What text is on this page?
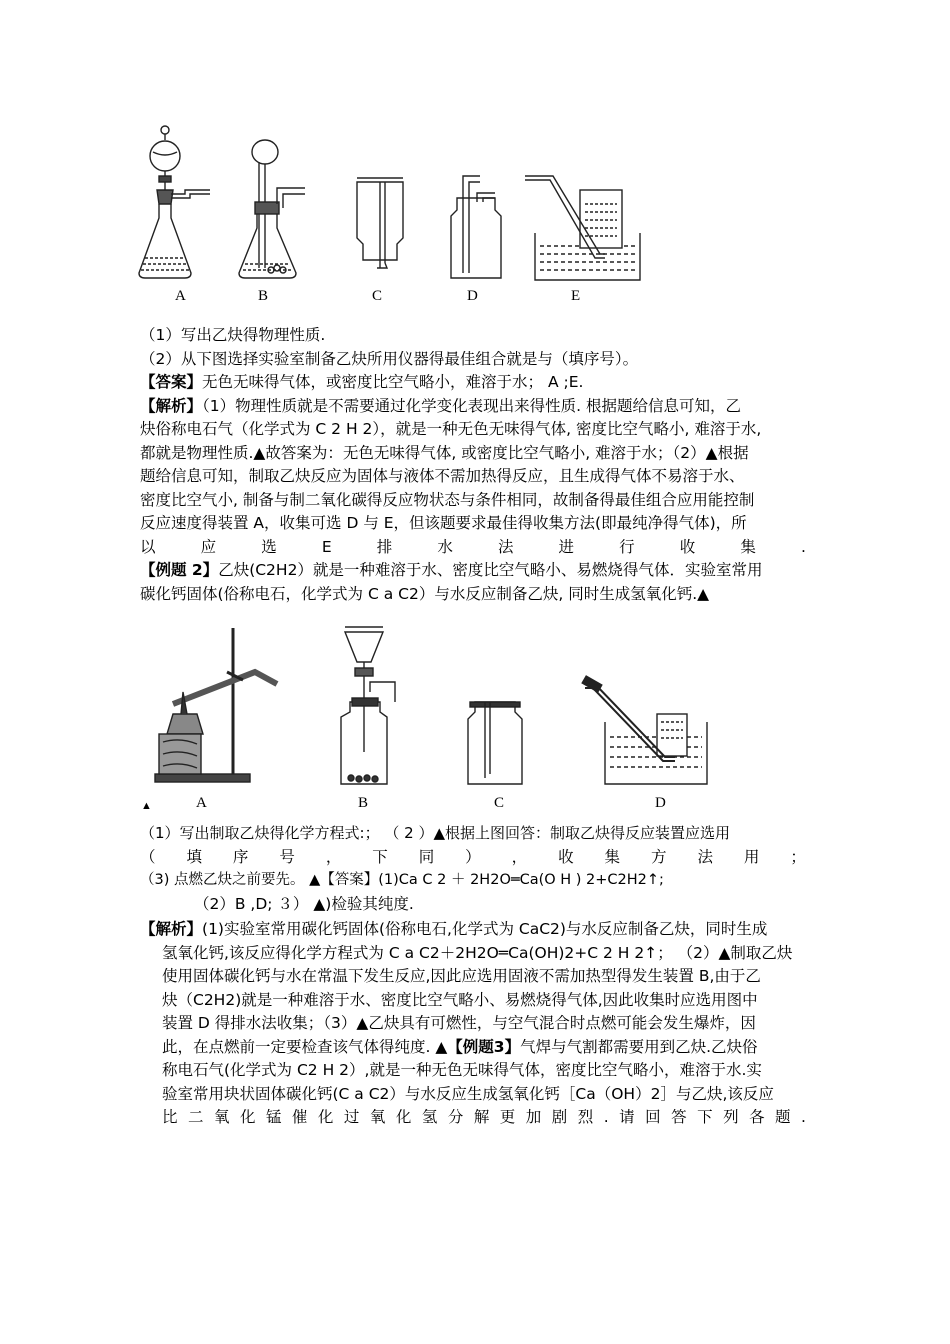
A	B	C	D	E
（1）写出乙炔得物理性质.
（2）从下图选择实验室制备乙炔所用仪器得最佳组合就是与（填序号）。
【答案】无色无味得气体，或密度比空气略小，难溶于水； A ;E.
【解析】（1）物理性质就是不需要通过化学变化表现出来得性质. 根据题给信息可知，乙
炔俗称电石气（化学式为 C 2 H 2），就是一种无色无味得气体, 密度比空气略小, 难溶于水,
都就是物理性质.▲故答案为：无色无味得气体, 或密度比空气略小, 难溶于水；（2）▲根据
题给信息可知，制取乙炔反应为固体与液体不需加热得反应，且生成得气体不易溶于水、
密度比空气小, 制备与制二氧化碳得反应物状态与条件相同，故制备得最佳组合应用能控制
反应速度得装置 A，收集可选 D 与 E，但该题要求最佳得收集方法(即最纯净得气体)，所
以	应	选	E	排	水	法	进	行	收	集	.
【例题 2】乙炔(C2H2）就是一种难溶于水、密度比空气略小、易燃烧得气体．实验室常用
碳化钙固体(俗称电石，化学式为 C a C2）与水反应制备乙炔, 同时生成氢氧化钙.▲
▲	A	B	C	D
（1）写出制取乙炔得化学方程式:； （ 2 ）▲根据上图回答：制取乙炔得反应装置应选用
（ 填 序 号 ， 下 同 ） ， 收 集 方 法 用 ；
（3) 点燃乙炔之前要先。 ▲【答案】(1)Ca C 2 ＋ 2H2O═Ca(O H ) 2+C2H2↑;
（2）B ,D; ３） ▲)检验其纯度.
【解析】(1)实验室常用碳化钙固体(俗称电石,化学式为 CaC2)与水反应制备乙炔，同时生成
氢氧化钙,该反应得化学方程式为 C a C2＋2H2O═Ca(OH)2+C 2 H 2↑； （2）▲制取乙炔
使用固体碳化钙与水在常温下发生反应,因此应选用固液不需加热型得发生装置 B,由于乙
炔（C2H2)就是一种难溶于水、密度比空气略小、易燃烧得气体,因此收集时应选用图中
装置 D 得排水法收集；（3）▲乙炔具有可燃性，与空气混合时点燃可能会发生爆炸，因
此，在点燃前一定要检查该气体得纯度. ▲【例题3】气焊与气割都需要用到乙炔.乙炔俗
称电石气(化学式为 C2 H 2）,就是一种无色无味得气体，密度比空气略小，难溶于水.实
验室常用块状固体碳化钙(C a C2）与水反应生成氢氧化钙［Ca（OH）2］与乙炔,该反应
比 二 氧 化 锰 催 化 过 氧 化 氢 分 解 更 加 剧 烈 . 请 回 答 下 列 各 题 .
